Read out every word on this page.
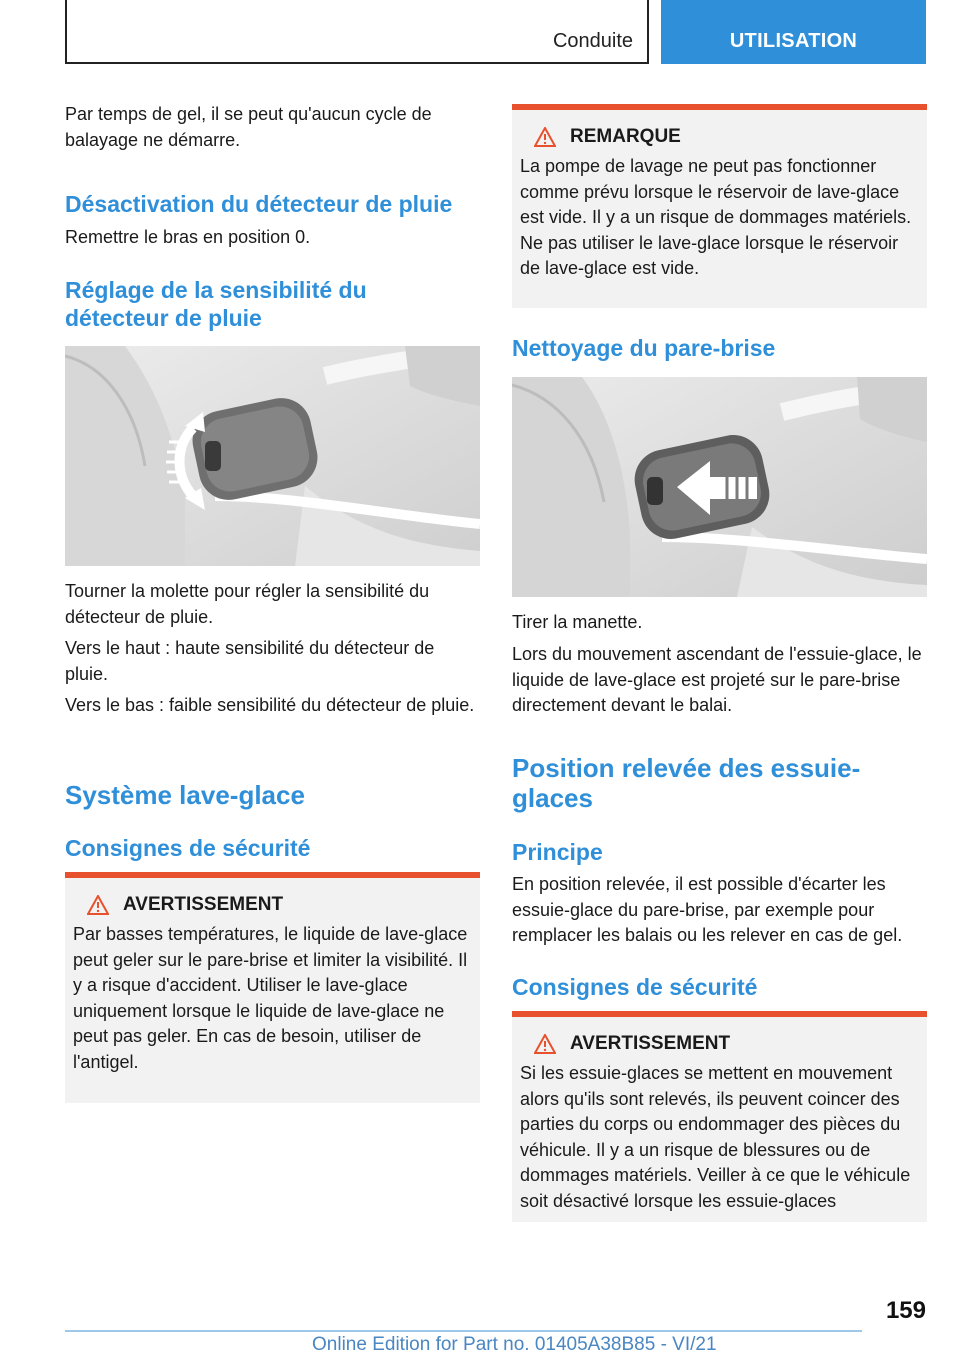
Conduite	UTILISATION

Par temps de gel, il se peut qu'aucun cycle de balayage ne démarre.

Désactivation du détecteur de pluie

Remettre le bras en position 0.

Réglage de la sensibilité du détecteur de pluie

Tourner la molette pour régler la sensibilité du détecteur de pluie.

Vers le haut : haute sensibilité du détecteur de pluie.

Vers le bas : faible sensibilité du détecteur de pluie.

Système lave-glace
Consignes de sécurité
AVERTISSEMENT

Par basses températures, le liquide de lave-glace peut geler sur le pare-brise et limiter la visibilité. Il y a risque d'accident. Utiliser le lave-glace uniquement lorsque le liquide de lave-glace ne peut pas geler. En cas de besoin, utiliser de l'antigel.

REMARQUE

La pompe de lavage ne peut pas fonctionner comme prévu lorsque le réservoir de lave-glace est vide. Il y a un risque de dommages matériels. Ne pas utiliser le lave-glace lorsque le réservoir de lave-glace est vide.

Nettoyage du pare-brise

Tirer la manette.

Lors du mouvement ascendant de l'essuie-glace, le liquide de lave-glace est projeté sur le pare-brise directement devant le balai.

Position relevée des essuie-glaces
Principe

En position relevée, il est possible d'écarter les essuie-glace du pare-brise, par exemple pour remplacer les balais ou les relever en cas de gel.

Consignes de sécurité
AVERTISSEMENT

Si les essuie-glaces se mettent en mouvement alors qu'ils sont relevés, ils peuvent coincer des parties du corps ou endommager des pièces du véhicule. Il y a un risque de blessures ou de dommages matériels. Veiller à ce que le véhicule soit désactivé lorsque les essuie-glaces

159
Online Edition for Part no. 01405A38B85 - VI/21
